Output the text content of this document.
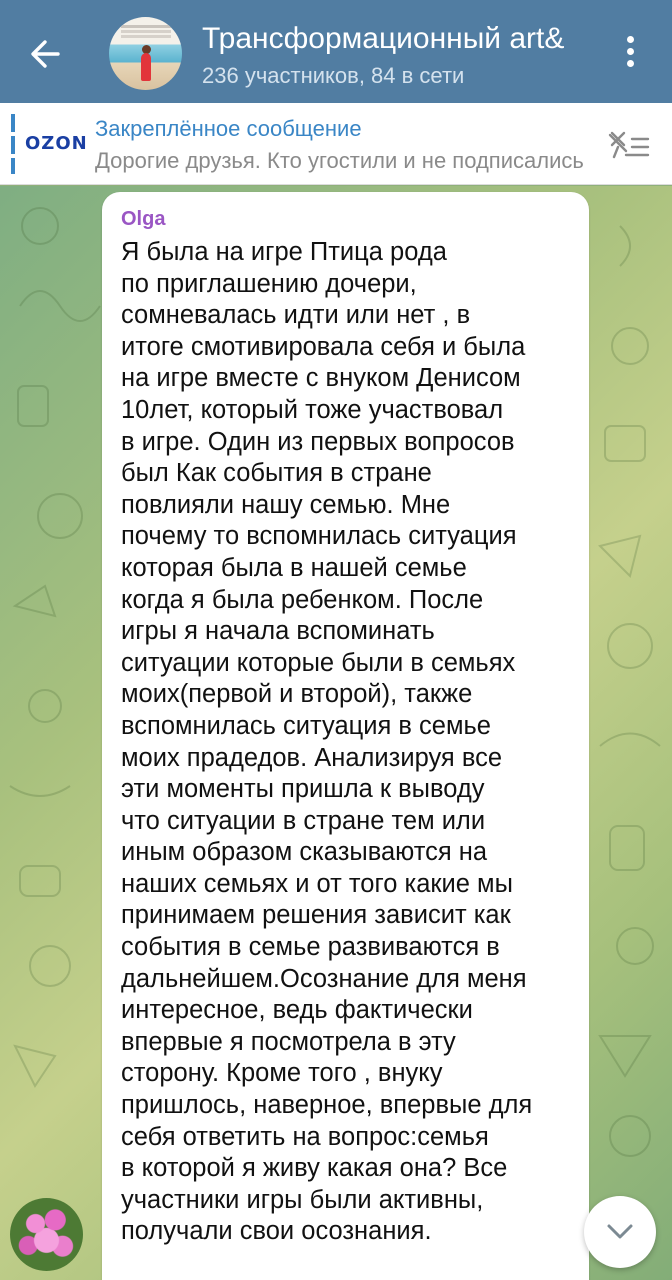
Трансформационный art&
236 участников, 84 в сети
OZON
Закреплённое сообщение
Дорогие друзья. Кто угостили и не подписались
Olga
Я была на игре Птица рода
по приглашению дочери,
сомневалась идти или нет , в
итоге смотивировала себя и была
на игре вместе с внуком Денисом
10лет, который тоже участвовал
в игре. Один из первых вопросов
был Как события в стране
повлияли нашу семью. Мне
почему то вспомнилась ситуация
которая была в нашей семье
когда я была ребенком. После
игры я начала вспоминать
ситуации которые были в семьях
моих(первой и второй), также
вспомнилась ситуация в семье
моих прадедов. Анализируя все
эти моменты пришла к выводу
что ситуации в стране тем или
иным образом сказываются на
наших семьях и от того какие мы
принимаем решения зависит как
события в семье развиваются в
дальнейшем.Осознание для меня
интересное, ведь фактически
впервые я посмотрела в эту
сторону. Кроме того , внуку
пришлось, наверное, впервые для
себя ответить на вопрос:семья
в которой я живу какая она? Все
участники игры были активны,
получали свои осознания.
